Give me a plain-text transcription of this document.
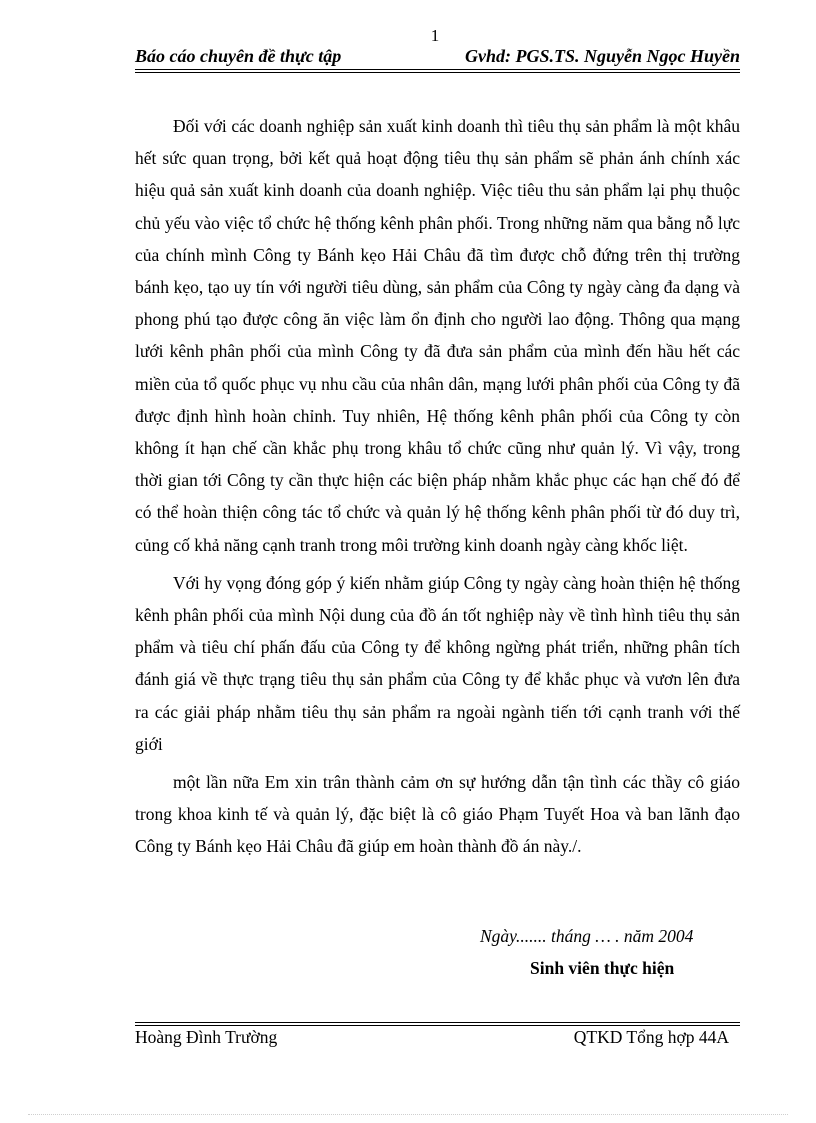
1
Báo cáo chuyên đề thực tập	Gvhd: PGS.TS. Nguyễn Ngọc Huyền

Đối với các doanh nghiệp sản xuất kinh doanh thì tiêu thụ sản phẩm là một khâu hết sức quan trọng, bởi kết quả hoạt động tiêu thụ sản phẩm sẽ phản ánh chính xác hiệu quả sản xuất kinh doanh của doanh nghiệp. Việc tiêu thu sản phẩm lại phụ thuộc chủ yếu vào việc tổ chức hệ thống kênh phân phối. Trong những năm qua bằng nỗ lực của chính mình Công ty Bánh kẹo Hải Châu đã tìm được chỗ đứng trên thị trường bánh kẹo, tạo uy tín với người tiêu dùng, sản phẩm của Công ty ngày càng đa dạng và phong phú tạo được công ăn việc làm ổn định cho người lao động. Thông qua mạng lưới kênh phân phối của mình Công ty đã đưa sản phẩm của mình đến hầu hết các miền của tổ quốc phục vụ nhu cầu của nhân dân, mạng lưới phân phối của Công ty đã được định hình hoàn chỉnh. Tuy nhiên, Hệ thống kênh phân phối của Công ty còn không ít hạn chế cần khắc phụ trong khâu tổ chức cũng như quản lý. Vì vậy, trong thời gian tới Công ty cần thực hiện các biện pháp nhằm khắc phục các hạn chế đó để có thể hoàn thiện công tác tổ chức và quản lý hệ thống kênh phân phối từ đó duy trì, củng cố khả năng cạnh tranh trong môi trường kinh doanh ngày càng khốc liệt.

Với hy vọng đóng góp ý kiến nhằm giúp Công ty ngày càng hoàn thiện hệ thống kênh phân phối của mình Nội dung của đồ án tốt nghiệp này về tình hình tiêu thụ sản phẩm và tiêu chí phấn đấu của Công ty để không ngừng phát triển, những phân tích đánh giá về thực trạng tiêu thụ sản phẩm của Công ty để khắc phục và vươn lên đưa ra các giải pháp nhằm tiêu thụ sản phẩm ra ngoài ngành tiến tới cạnh tranh với thế giới

một lần nữa Em xin trân thành cảm ơn sự hướng dẫn tận tình các thầy cô giáo trong khoa kinh tế và quản lý, đặc biệt là cô giáo Phạm Tuyết Hoa và ban lãnh đạo Công ty Bánh kẹo Hải Châu đã giúp em hoàn thành đồ án này./.

Ngày....... tháng … . năm 2004
Sinh viên thực hiện
Hoàng Đình Trường	QTKD Tổng hợp 44A
